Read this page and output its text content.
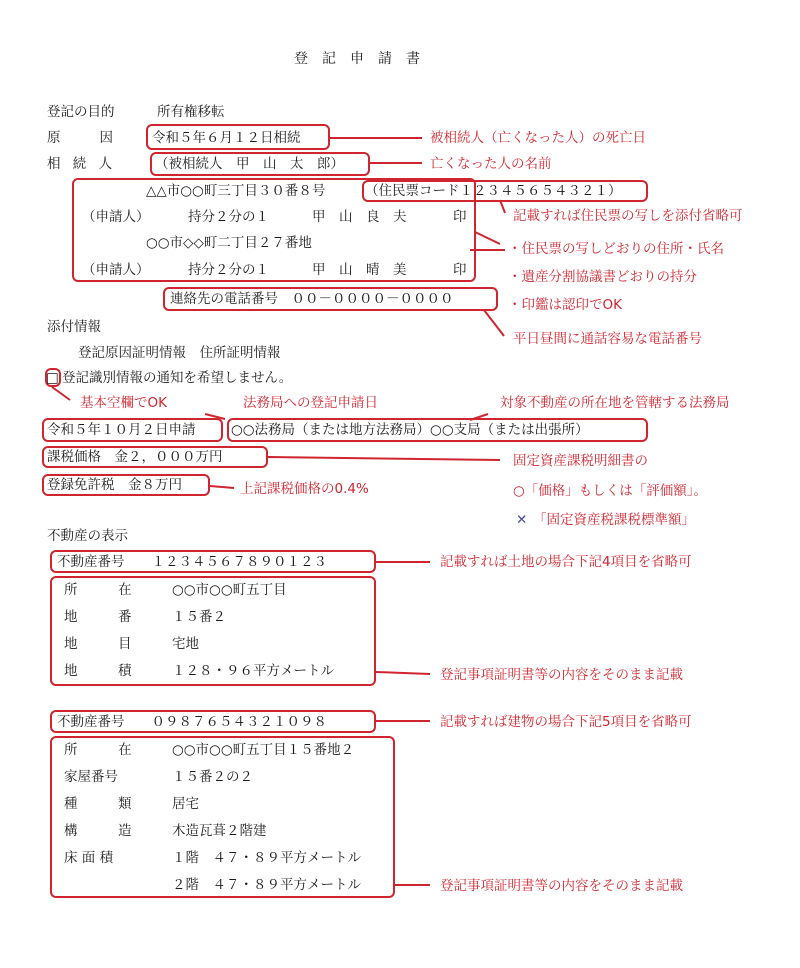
登記申請書
登記の目的	所有権移転
原　　因	令和５年６月１２日相続
相 続 人	（被相続人　甲　山　太　郎）
△△市○○町三丁目３０番８号	（住民票コード１２３４５６５４３２１）
（申請人）	持分２分の１	甲　山　良　夫	印
○○市◇◇町二丁目２７番地
（申請人）	持分２分の１	甲　山　晴　美	印
連絡先の電話番号　００－００００－００００
添付情報
登記原因証明情報　住所証明情報
□ 登記識別情報の通知を希望しません。
令和５年１０月２日申請	○○法務局（または地方法務局）○○支局（または出張所）
課税価格　金２，０００万円
登録免許税　金８万円
不動産の表示
不動産番号　　１２３４５６７８９０１２３
所　　　在	○○市○○町五丁目
地　　　番	１５番２
地　　　目	宅地
地　　　積	１２８・９６平方メートル
不動産番号　　０９８７６５４３２１０９８
所　　　在	○○市○○町五丁目１５番地２
家屋番号	１５番２の２
種　　　類	居宅
構　　　造	木造瓦葺２階建
床 面 積	１階　４７・８９平方メートル
２階　４７・８９平方メートル
被相続人（亡くなった人）の死亡日
亡くなった人の名前
記載すれば住民票の写しを添付省略可
・住民票の写しどおりの住所・氏名
・遺産分割協議書どおりの持分
・印鑑は認印でOK
平日昼間に通話容易な電話番号
基本空欄でOK	法務局への登記申請日	対象不動産の所在地を管轄する法務局
固定資産課税明細書の
○「価格」もしくは「評価額」。
✕ 「固定資産税課税標準額」
上記課税価格の0.4%
記載すれば土地の場合下記4項目を省略可
登記事項証明書等の内容をそのまま記載
記載すれば建物の場合下記5項目を省略可
登記事項証明書等の内容をそのまま記載
